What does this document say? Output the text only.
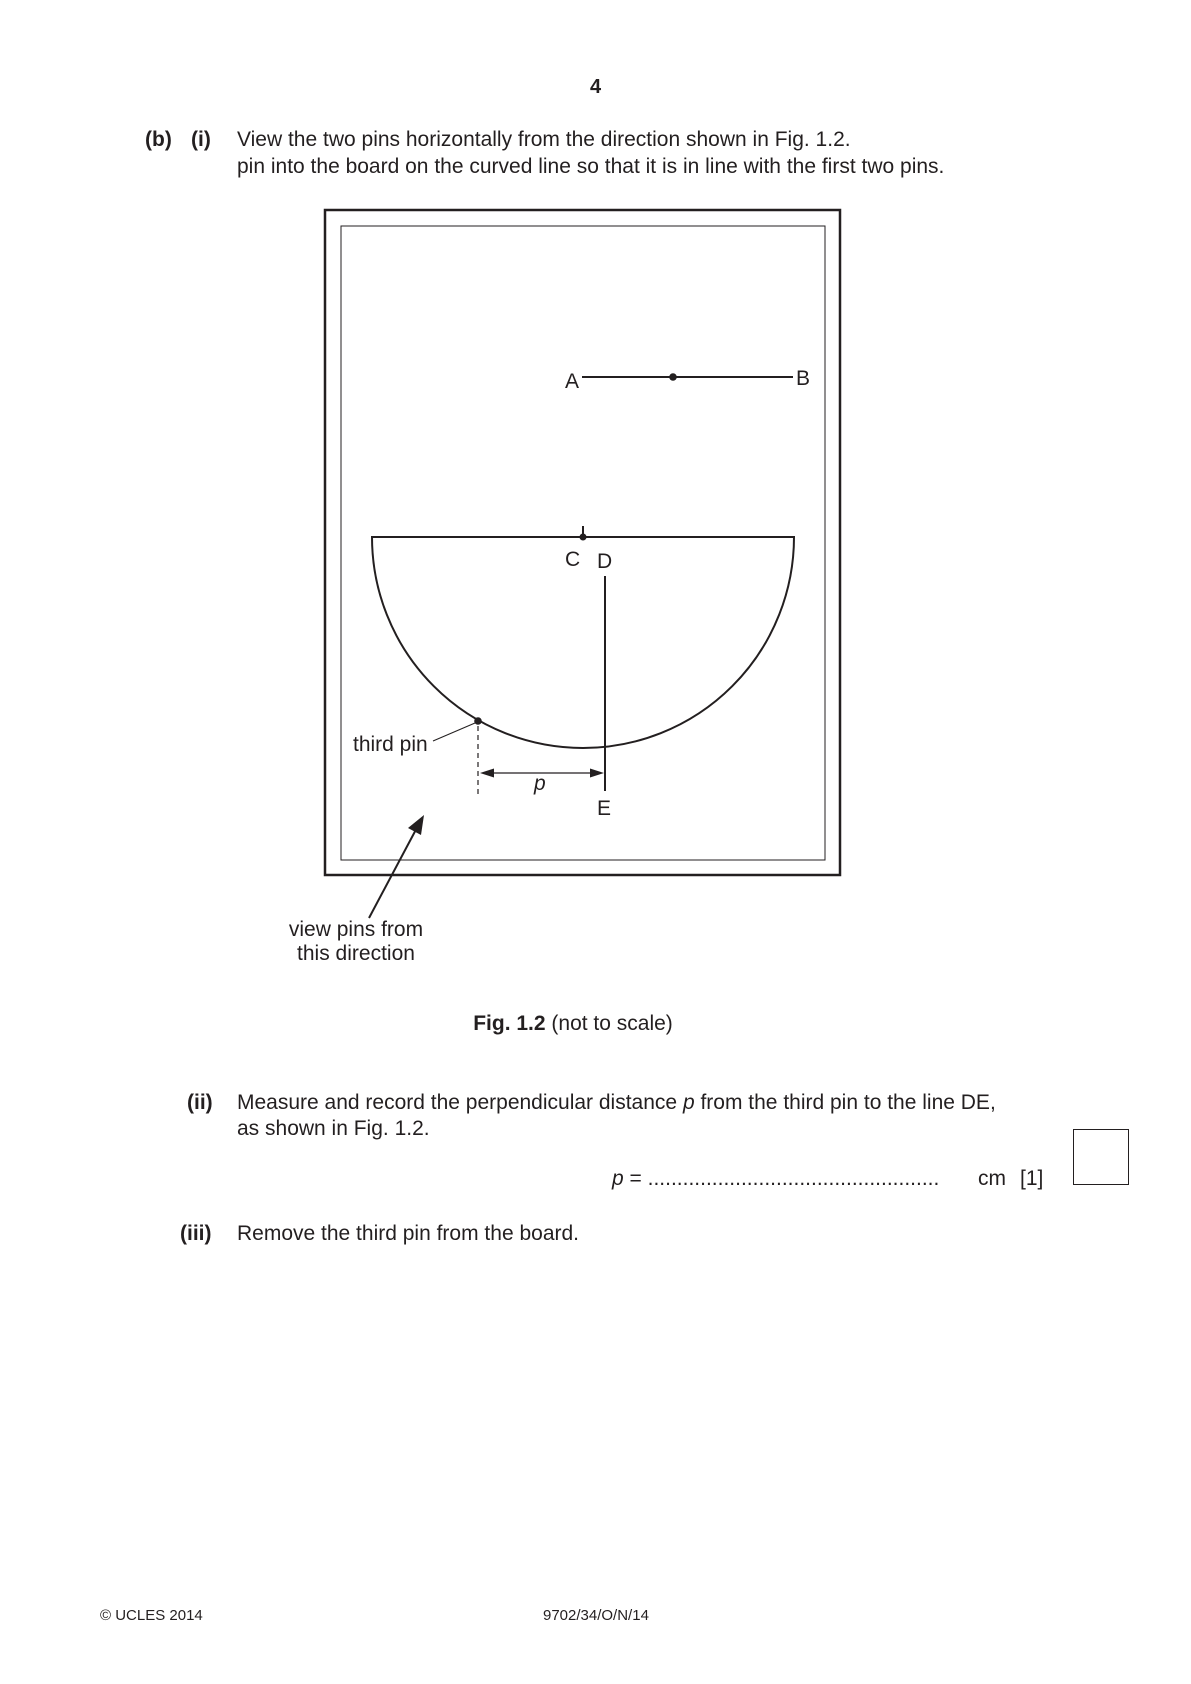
4
(b) (i) View the two pins horizontally from the direction shown in Fig. 1.2.
pin into the board on the curved line so that it is in line with the first two pins.
A	B
C D
E
third pin
p
view pins from
this direction
Fig. 1.2 (not to scale)
(ii) Measure and record the perpendicular distance p from the third pin to the line DE,
as shown in Fig. 1.2.
p = .................................................. cm [1]
(iii) Remove the third pin from the board.
© UCLES 2014	9702/34/O/N/14
